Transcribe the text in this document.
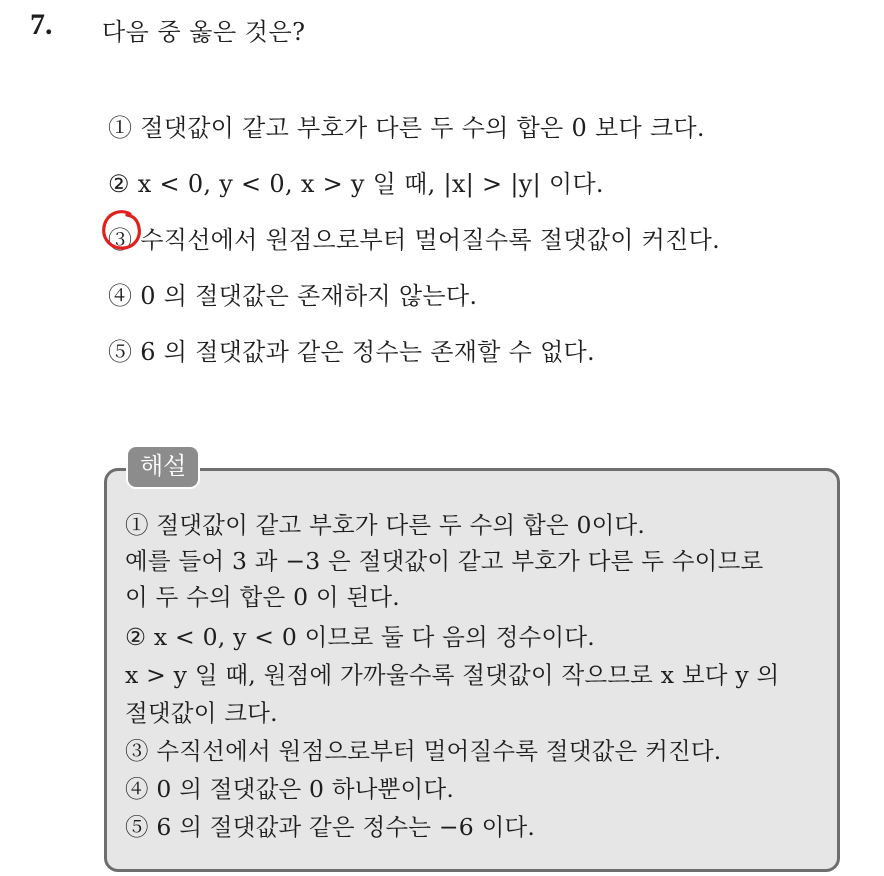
7. 다음 중 옳은 것은?
① 절댓값이 같고 부호가 다른 두 수의 합은 0 보다 크다.
② x < 0, y < 0, x > y 일 때, |x| > |y| 이다.
③ 수직선에서 원점으로부터 멀어질수록 절댓값이 커진다.
④ 0 의 절댓값은 존재하지 않는다.
⑤ 6 의 절댓값과 같은 정수는 존재할 수 없다.
해설
① 절댓값이 같고 부호가 다른 두 수의 합은 0이다.
예를 들어 3 과 −3 은 절댓값이 같고 부호가 다른 두 수이므로
이 두 수의 합은 0 이 된다.
② x < 0, y < 0 이므로 둘 다 음의 정수이다.
x > y 일 때, 원점에 가까울수록 절댓값이 작으므로 x 보다 y 의
절댓값이 크다.
③ 수직선에서 원점으로부터 멀어질수록 절댓값은 커진다.
④ 0 의 절댓값은 0 하나뿐이다.
⑤ 6 의 절댓값과 같은 정수는 −6 이다.
